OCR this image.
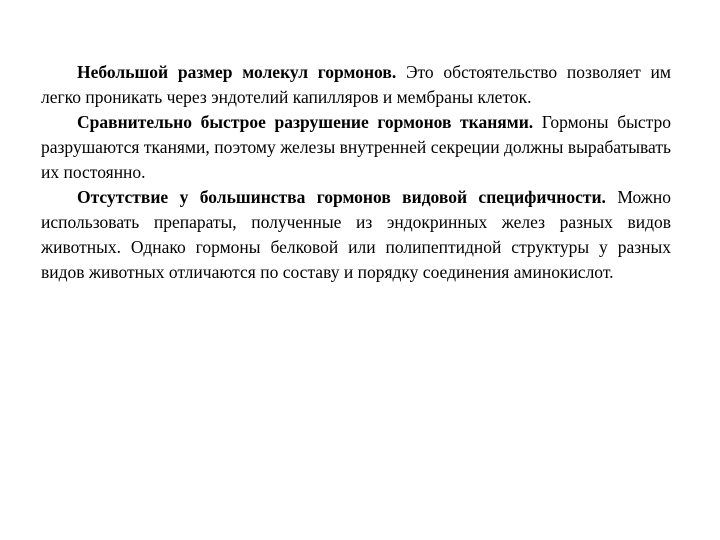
Небольшой размер молекул гормонов. Это обстоятельство позволяет им легко проникать через эндотелий капилляров и мембраны клеток.

Сравнительно быстрое разрушение гормонов тканями. Гормоны быстро разрушаются тканями, поэтому железы внутренней секреции должны вырабатывать их постоянно.

Отсутствие у большинства гормонов видовой специфичности. Можно использовать препараты, полученные из эндокринных желез разных видов животных. Однако гормоны белковой или полипептидной структуры у разных видов животных отличаются по составу и порядку соединения аминокислот.
